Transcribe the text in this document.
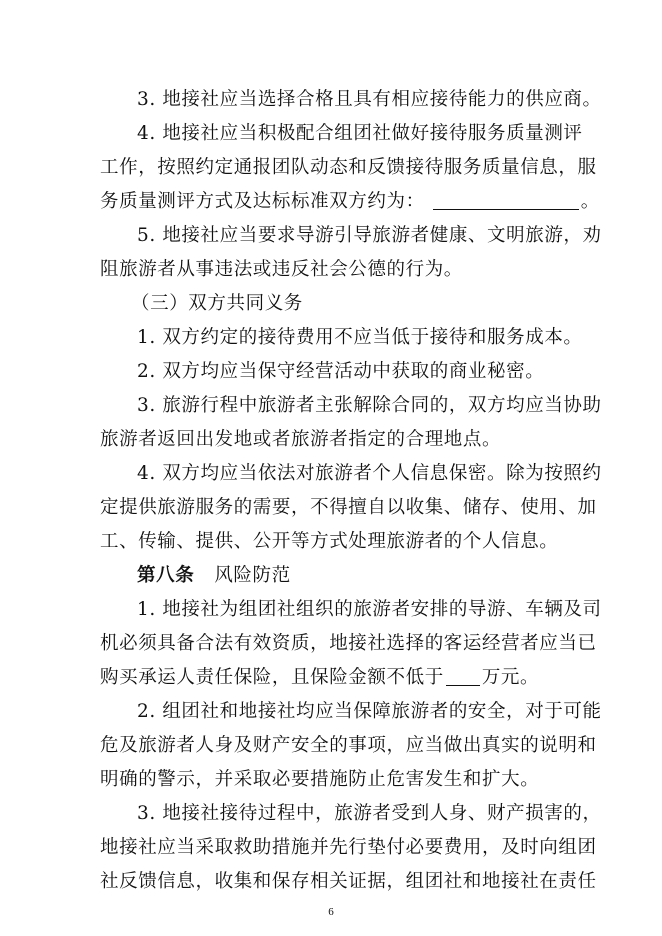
3. 地接社应当选择合格且具有相应接待能力的供应商。
4. 地接社应当积极配合组团社做好接待服务质量测评
工作，按照约定通报团队动态和反馈接待服务质量信息，服
务质量测评方式及达标标准双方约为：	。
5. 地接社应当要求导游引导旅游者健康、文明旅游，劝
阻旅游者从事违法或违反社会公德的行为。
（三）双方共同义务
1. 双方约定的接待费用不应当低于接待和服务成本。
2. 双方均应当保守经营活动中获取的商业秘密。
3. 旅游行程中旅游者主张解除合同的，双方均应当协助
旅游者返回出发地或者旅游者指定的合理地点。
4. 双方均应当依法对旅游者个人信息保密。除为按照约
定提供旅游服务的需要，不得擅自以收集、储存、使用、加
工、传输、提供、公开等方式处理旅游者的个人信息。
第八条 风险防范
1. 地接社为组团社组织的旅游者安排的导游、车辆及司
机必须具备合法有效资质，地接社选择的客运经营者应当已
购买承运人责任保险，且保险金额不低于 万元。
2. 组团社和地接社均应当保障旅游者的安全，对于可能
危及旅游者人身及财产安全的事项，应当做出真实的说明和
明确的警示，并采取必要措施防止危害发生和扩大。
3. 地接社接待过程中，旅游者受到人身、财产损害的，
地接社应当采取救助措施并先行垫付必要费用，及时向组团
社反馈信息，收集和保存相关证据，组团社和地接社在责任
6
